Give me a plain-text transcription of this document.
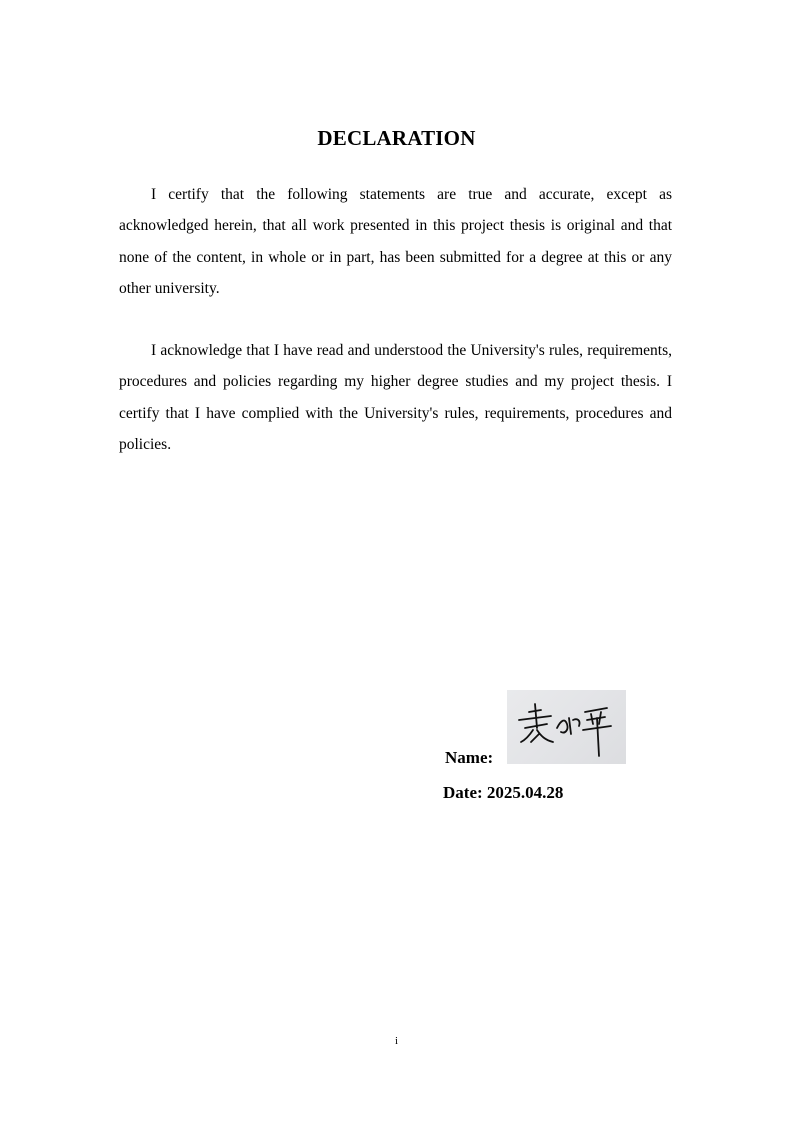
DECLARATION

I certify that the following statements are true and accurate, except as acknowledged herein, that all work presented in this project thesis is original and that none of the content, in whole or in part, has been submitted for a degree at this or any other university.

I acknowledge that I have read and understood the University's rules, requirements, procedures and policies regarding my higher degree studies and my project thesis. I certify that I have complied with the University's rules, requirements, procedures and policies.

Name:

Date: 2025.04.28

i
